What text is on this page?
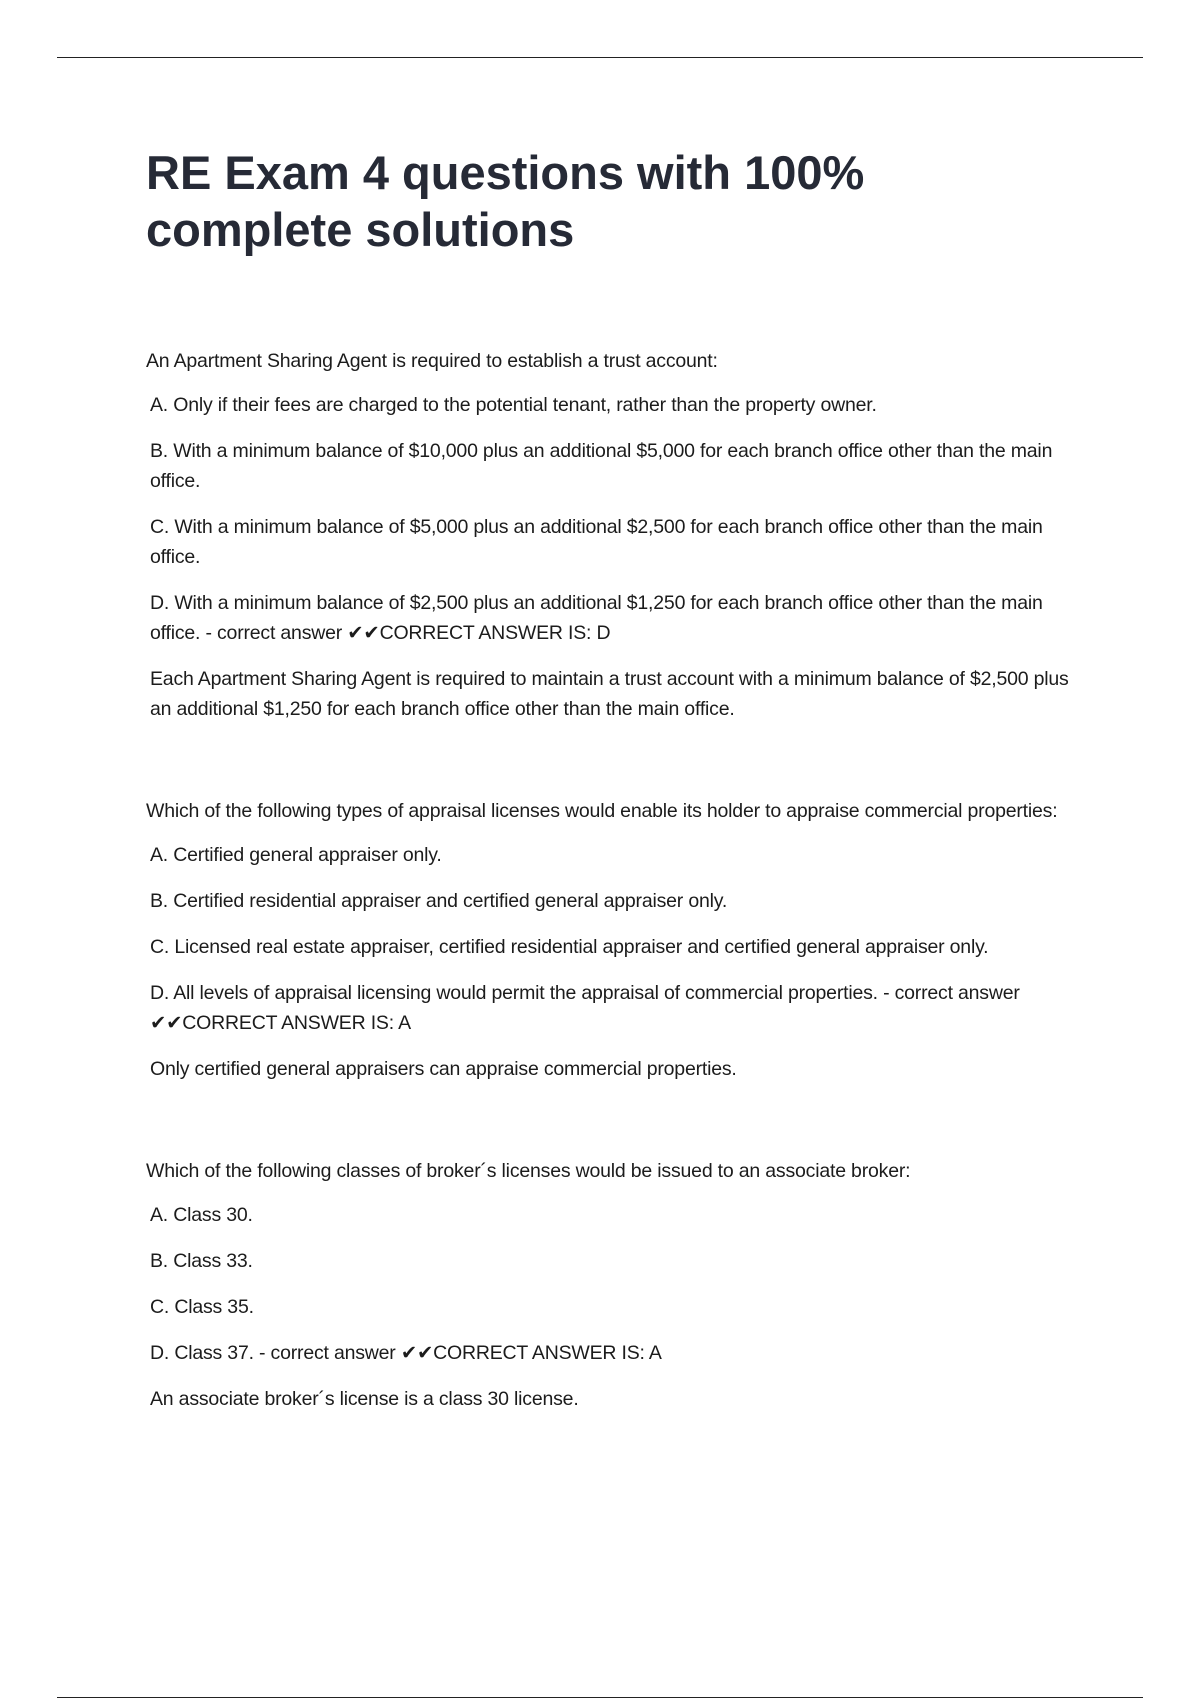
RE Exam 4 questions with 100% complete solutions

An Apartment Sharing Agent is required to establish a trust account:

A. Only if their fees are charged to the potential tenant, rather than the property owner.

B. With a minimum balance of $10,000 plus an additional $5,000 for each branch office other than the main office.

C. With a minimum balance of $5,000 plus an additional $2,500 for each branch office other than the main office.

D. With a minimum balance of $2,500 plus an additional $1,250 for each branch office other than the main office. - correct answer ✔✔CORRECT ANSWER IS: D

Each Apartment Sharing Agent is required to maintain a trust account with a minimum balance of $2,500 plus an additional $1,250 for each branch office other than the main office.

Which of the following types of appraisal licenses would enable its holder to appraise commercial properties:

A. Certified general appraiser only.

B. Certified residential appraiser and certified general appraiser only.

C. Licensed real estate appraiser, certified residential appraiser and certified general appraiser only.

D. All levels of appraisal licensing would permit the appraisal of commercial properties. - correct answer ✔✔CORRECT ANSWER IS: A

Only certified general appraisers can appraise commercial properties.

Which of the following classes of broker´s licenses would be issued to an associate broker:

A. Class 30.

B. Class 33.

C. Class 35.

D. Class 37. - correct answer ✔✔CORRECT ANSWER IS: A

An associate broker´s license is a class 30 license.
